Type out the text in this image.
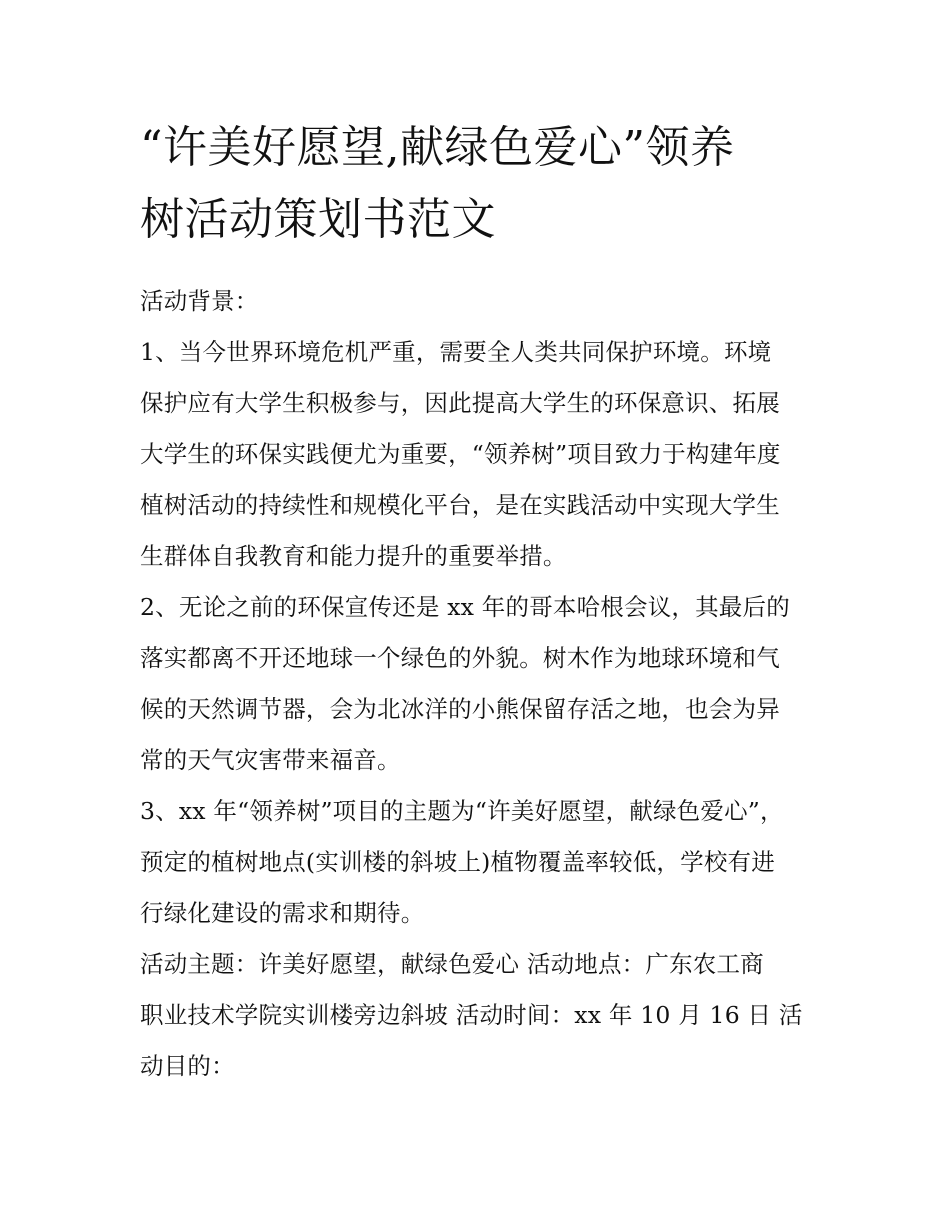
“许美好愿望,献绿色爱心”领养
树活动策划书范文

活动背景：

1、当今世界环境危机严重，需要全人类共同保护环境。环境

保护应有大学生积极参与，因此提高大学生的环保意识、拓展

大学生的环保实践便尤为重要，“领养树”项目致力于构建年度

植树活动的持续性和规模化平台，是在实践活动中实现大学生

生群体自我教育和能力提升的重要举措。

2、无论之前的环保宣传还是 xx 年的哥本哈根会议，其最后的

落实都离不开还地球一个绿色的外貌。树木作为地球环境和气

候的天然调节器，会为北冰洋的小熊保留存活之地，也会为异

常的天气灾害带来福音。

3、xx 年“领养树”项目的主题为“许美好愿望，献绿色爱心”，

预定的植树地点(实训楼的斜坡上)植物覆盖率较低，学校有进

行绿化建设的需求和期待。

活动主题：许美好愿望，献绿色爱心 活动地点：广东农工商

职业技术学院实训楼旁边斜坡 活动时间：xx 年 10 月 16 日 活

动目的：
